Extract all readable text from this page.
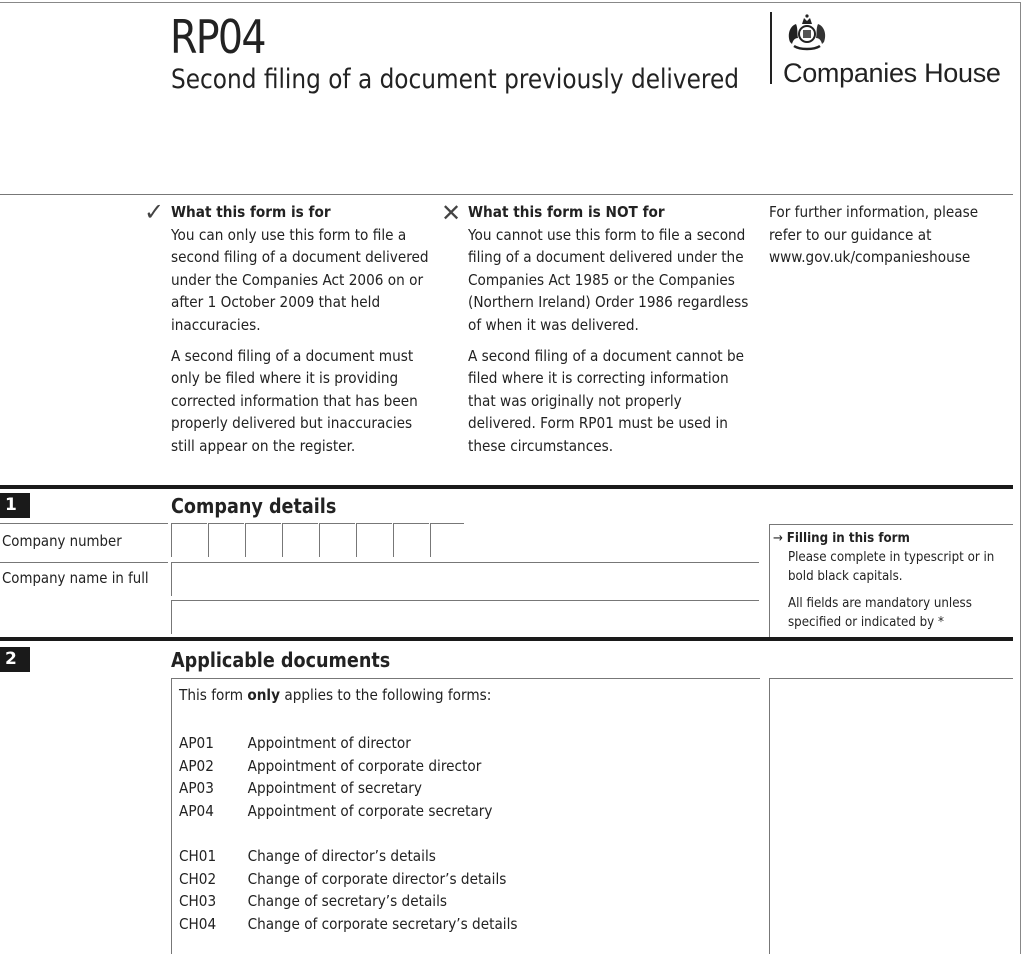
RP04
Second filing of a document previously delivered Companies House
✓ What this form is for

You can only use this form to file a second filing of a document delivered under the Companies Act 2006 on or after 1 October 2009 that held inaccuracies.

A second filing of a document must only be filed where it is providing corrected information that has been properly delivered but inaccuracies still appear on the register.

✕ What this form is NOT for

You cannot use this form to file a second filing of a document delivered under the Companies Act 1985 or the Companies (Northern Ireland) Order 1986 regardless of when it was delivered.

A second filing of a document cannot be filed where it is correcting information that was originally not properly delivered. Form RP01 must be used in these circumstances.

For further information, please refer to our guidance at www.gov.uk/companieshouse
1	Company details
Company number
Company name in full
→ Filling in this form
Please complete in typescript or in bold black capitals.
All fields are mandatory unless specified or indicated by *
2	Applicable documents
This form only applies to the following forms:
AP01	Appointment of director
AP02	Appointment of corporate director
AP03	Appointment of secretary
AP04	Appointment of corporate secretary
CH01	Change of director’s details
CH02	Change of corporate director’s details
CH03	Change of secretary’s details
CH04	Change of corporate secretary’s details
